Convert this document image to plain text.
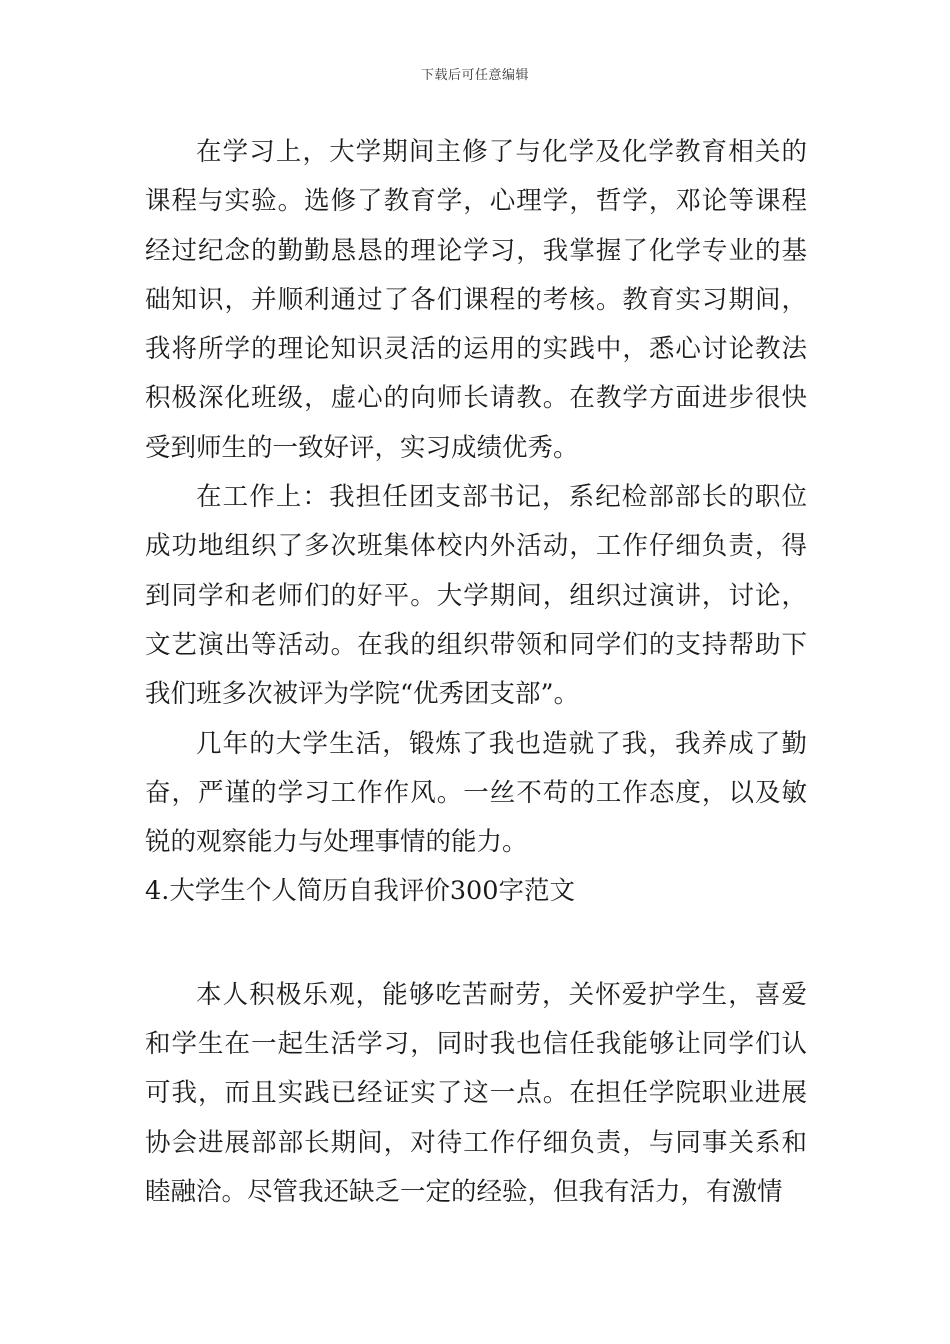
下载后可任意编辑

在学习上，大学期间主修了与化学及化学教育相关的课程与实验。选修了教育学，心理学，哲学，邓论等课程经过纪念的勤勤恳恳的理论学习，我掌握了化学专业的基础知识，并顺利通过了各们课程的考核。教育实习期间，我将所学的理论知识灵活的运用的实践中，悉心讨论教法积极深化班级，虚心的向师长请教。在教学方面进步很快受到师生的一致好评，实习成绩优秀。

在工作上：我担任团支部书记，系纪检部部长的职位成功地组织了多次班集体校内外活动，工作仔细负责，得到同学和老师们的好平。大学期间，组织过演讲，讨论，文艺演出等活动。在我的组织带领和同学们的支持帮助下我们班多次被评为学院“优秀团支部”。

几年的大学生活，锻炼了我也造就了我，我养成了勤奋，严谨的学习工作作风。一丝不苟的工作态度，以及敏锐的观察能力与处理事情的能力。

4.大学生个人简历自我评价300字范文

本人积极乐观，能够吃苦耐劳，关怀爱护学生，喜爱和学生在一起生活学习，同时我也信任我能够让同学们认可我，而且实践已经证实了这一点。在担任学院职业进展协会进展部部长期间，对待工作仔细负责，与同事关系和睦融洽。尽管我还缺乏一定的经验，但我有活力，有激情
